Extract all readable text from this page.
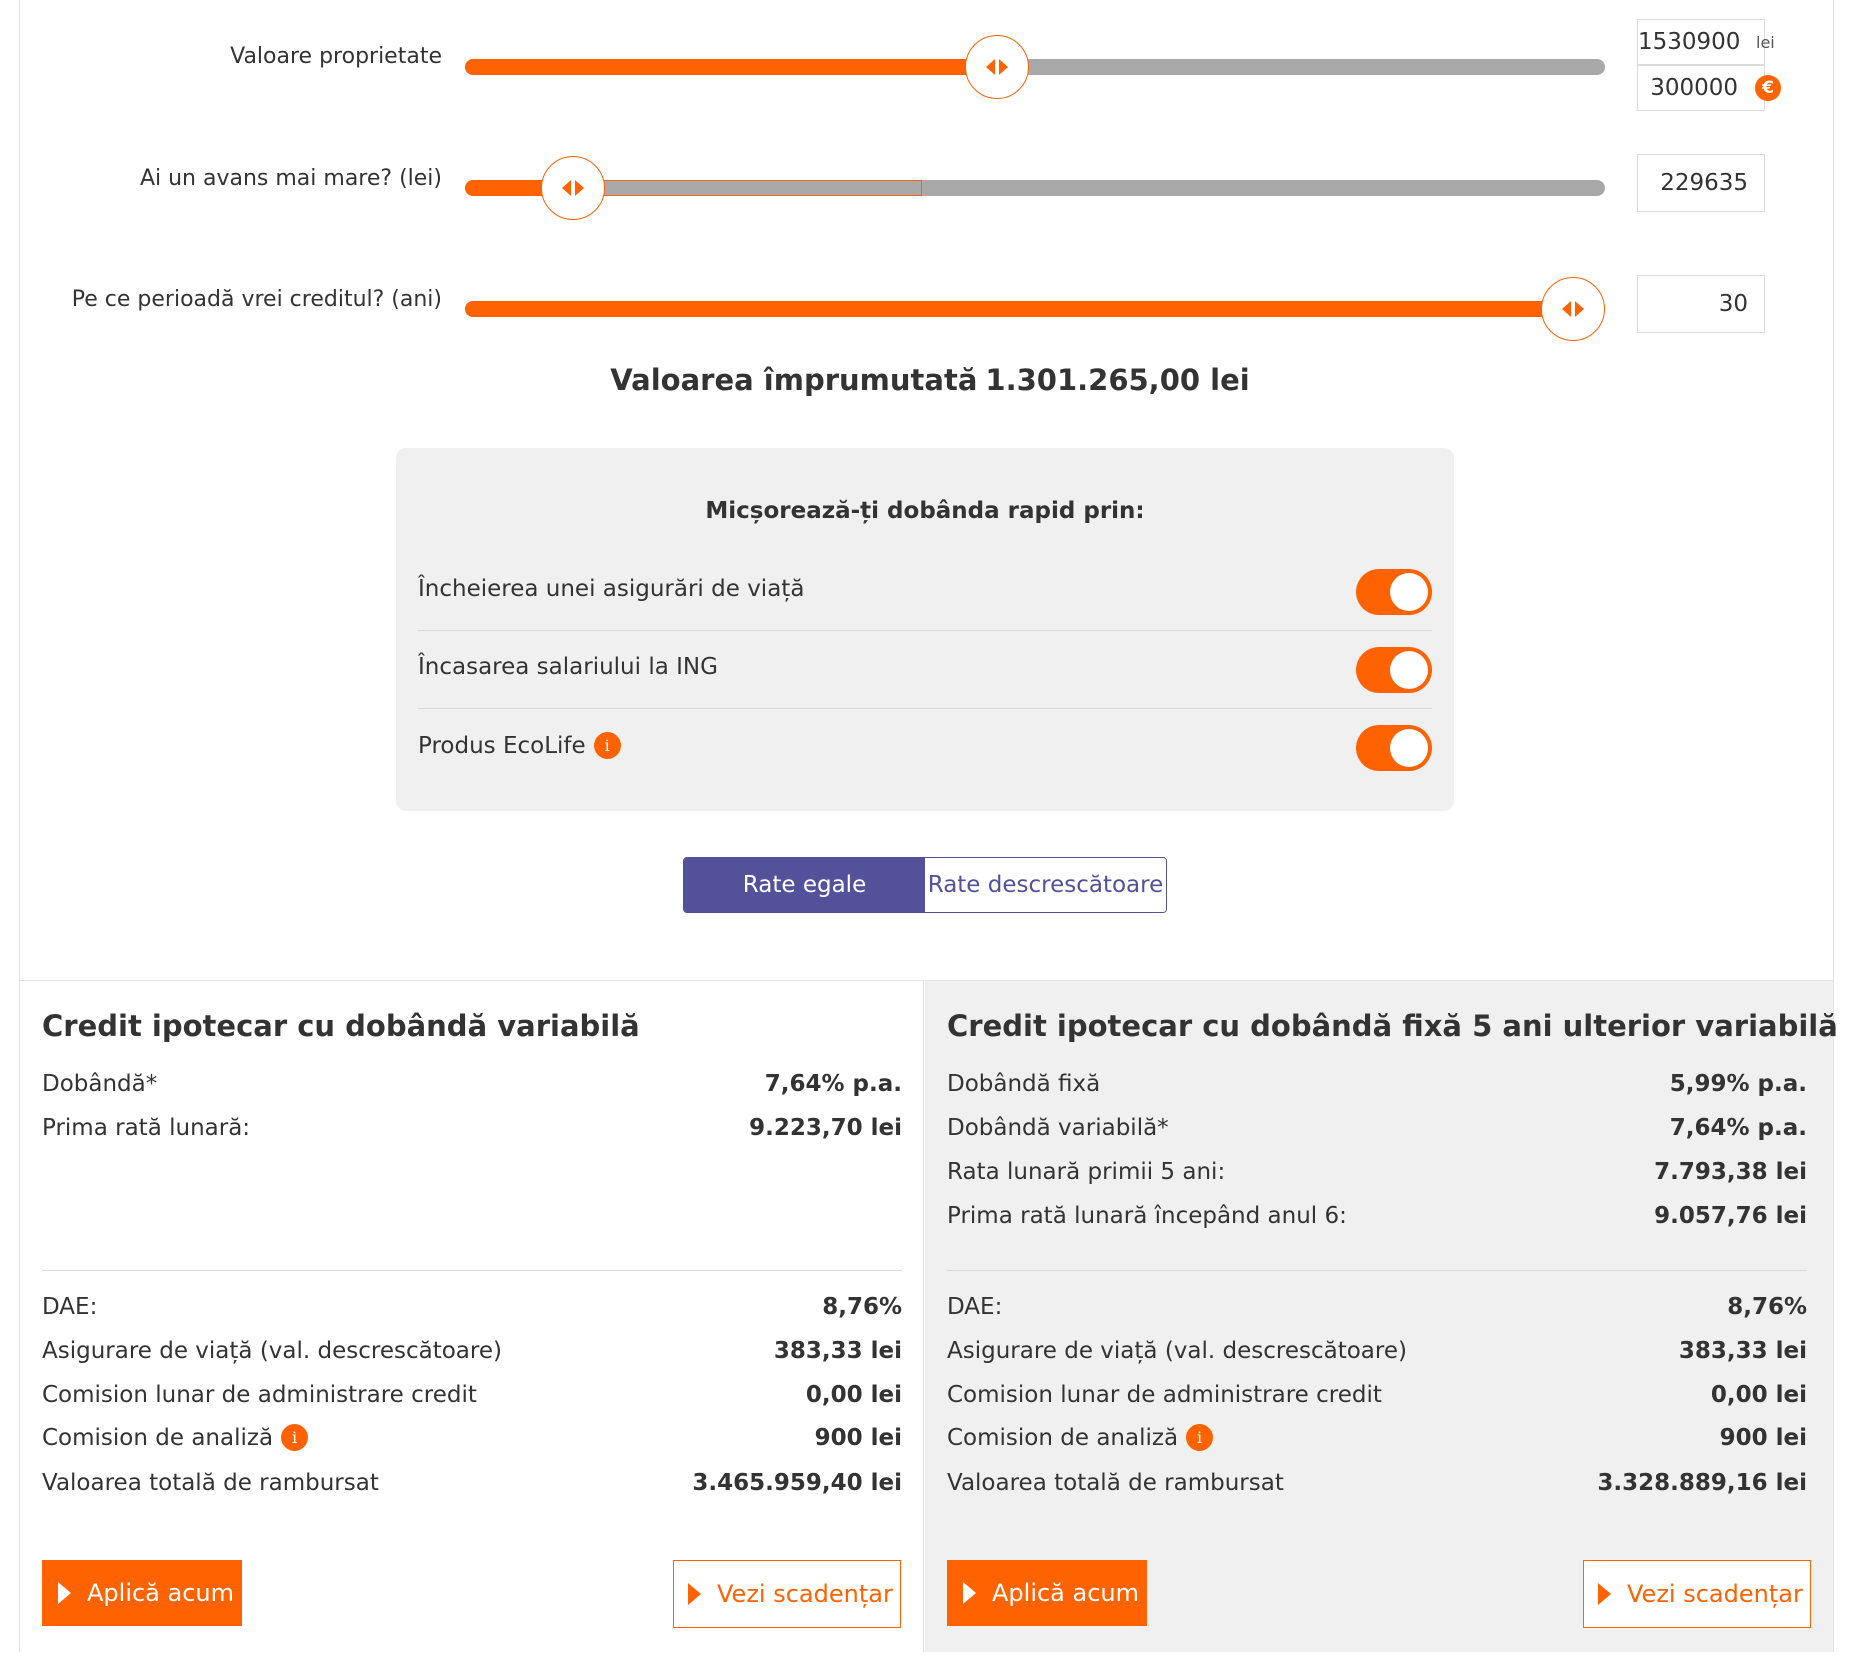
Valoare proprietate
1530900 lei
300000	€
Ai un avans mai mare? (lei)	229635
Pe ce perioadă vrei creditul? (ani)	30
Valoarea împrumutată 1.301.265,00 lei
Micșorează-ți dobânda rapid prin:
Încheierea unei asigurări de viață
Încasarea salariului la ING
Produs EcoLife	i
Rate egale	Rate descrescătoare
Credit ipotecar cu dobândă variabilă
Dobândă*	7,64% p.a.
Prima rată lunară:	9.223,70 lei
DAE:	8,76%
Asigurare de viață (val. descrescătoare)	383,33 lei
Comision lunar de administrare credit	0,00 lei
Comision de analiză	i	900 lei
Valoarea totală de rambursat	3.465.959,40 lei
Aplică acum	Vezi scadențar
Credit ipotecar cu dobândă fixă 5 ani ulterior variabilă
Dobândă fixă	5,99% p.a.
Dobândă variabilă*	7,64% p.a.
Rata lunară primii 5 ani:	7.793,38 lei
Prima rată lunară începând anul 6:	9.057,76 lei
DAE:	8,76%
Asigurare de viață (val. descrescătoare)	383,33 lei
Comision lunar de administrare credit	0,00 lei
Comision de analiză	i	900 lei
Valoarea totală de rambursat	3.328.889,16 lei
Aplică acum	Vezi scadențar
